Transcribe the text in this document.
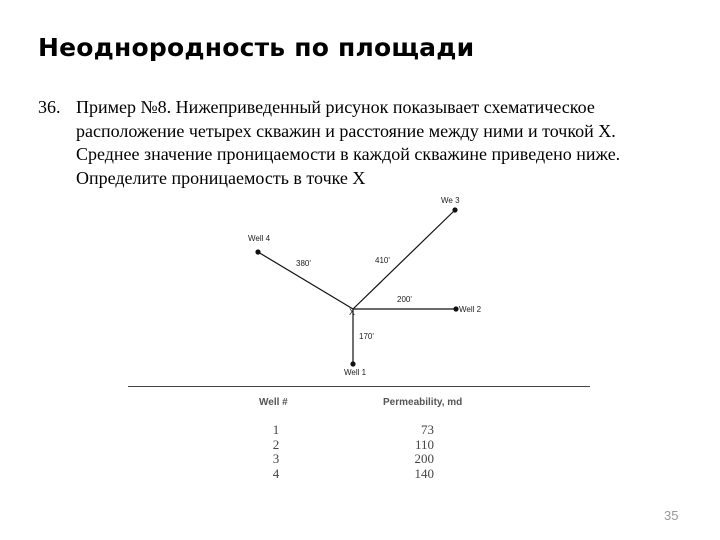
Неоднородность по площади
36. Пример №8. Нижеприведенный рисунок показывает схематическое
расположение четырех скважин и расстояние между ними и точкой X.
Среднее значение проницаемости в каждой скважине приведено ниже.
Определите проницаемость в точке X
Well 4
We 3
Well 2
Well 1
380'	410'
200'
170'
X
Well #	Permeability, md
1
2
3
4
73
110
200
140
35
